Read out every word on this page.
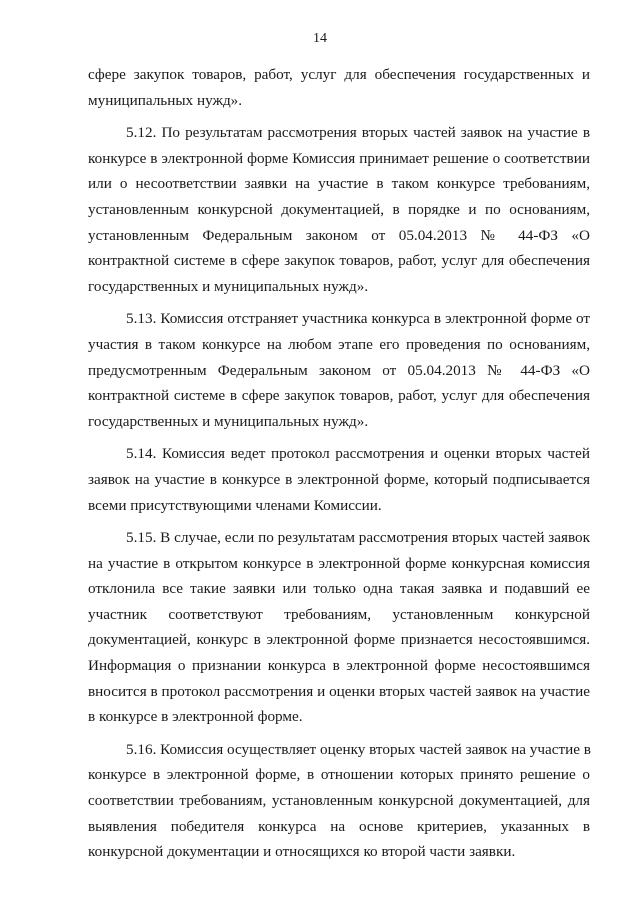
14

сфере закупок товаров, работ, услуг для обеспечения государственных и
муниципальных нужд».

5.12. По результатам рассмотрения вторых частей заявок на участие в
конкурсе в электронной форме Комиссия принимает решение о соответствии
или о несоответствии заявки на участие в таком конкурсе требованиям,
установленным конкурсной документацией, в порядке и по основаниям,
установленным Федеральным законом от 05.04.2013 № 44-ФЗ «О
контрактной системе в сфере закупок товаров, работ, услуг для обеспечения
государственных и муниципальных нужд».

5.13. Комиссия отстраняет участника конкурса в электронной форме от
участия в таком конкурсе на любом этапе его проведения по основаниям,
предусмотренным Федеральным законом от 05.04.2013 № 44-ФЗ «О
контрактной системе в сфере закупок товаров, работ, услуг для обеспечения
государственных и муниципальных нужд».

5.14. Комиссия ведет протокол рассмотрения и оценки вторых частей
заявок на участие в конкурсе в электронной форме, который подписывается
всеми присутствующими членами Комиссии.

5.15. В случае, если по результатам рассмотрения вторых частей заявок
на участие в открытом конкурсе в электронной форме конкурсная комиссия
отклонила все такие заявки или только одна такая заявка и подавший ее
участник соответствуют требованиям, установленным конкурсной
документацией, конкурс в электронной форме признается несостоявшимся.
Информация о признании конкурса в электронной форме несостоявшимся
вносится в протокол рассмотрения и оценки вторых частей заявок на участие
в конкурсе в электронной форме.

5.16. Комиссия осуществляет оценку вторых частей заявок на участие в
конкурсе в электронной форме, в отношении которых принято решение о
соответствии требованиям, установленным конкурсной документацией, для
выявления победителя конкурса на основе критериев, указанных в
конкурсной документации и относящихся ко второй части заявки.
